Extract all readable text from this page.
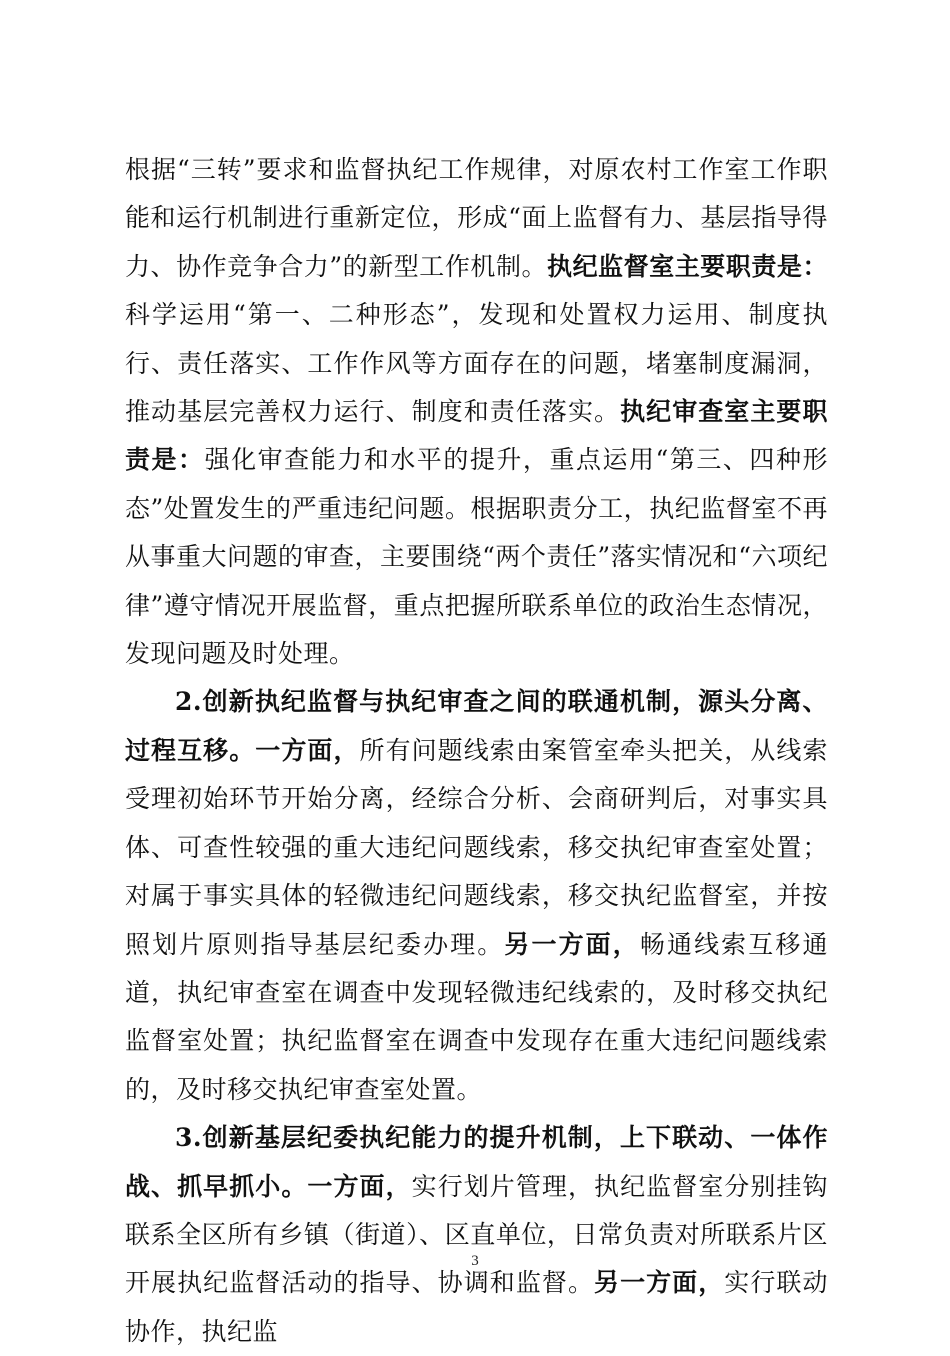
根据“三转”要求和监督执纪工作规律，对原农村工作室工作职能和运行机制进行重新定位，形成“面上监督有力、基层指导得力、协作竞争合力”的新型工作机制。执纪监督室主要职责是：科学运用“第一、二种形态”，发现和处置权力运用、制度执行、责任落实、工作作风等方面存在的问题，堵塞制度漏洞，推动基层完善权力运行、制度和责任落实。执纪审查室主要职责是：强化审查能力和水平的提升，重点运用“第三、四种形态”处置发生的严重违纪问题。根据职责分工，执纪监督室不再从事重大问题的审查，主要围绕“两个责任”落实情况和“六项纪律”遵守情况开展监督，重点把握所联系单位的政治生态情况，发现问题及时处理。

2.创新执纪监督与执纪审查之间的联通机制，源头分离、过程互移。一方面，所有问题线索由案管室牵头把关，从线索受理初始环节开始分离，经综合分析、会商研判后，对事实具体、可查性较强的重大违纪问题线索，移交执纪审查室处置；对属于事实具体的轻微违纪问题线索，移交执纪监督室，并按照划片原则指导基层纪委办理。另一方面，畅通线索互移通道，执纪审查室在调查中发现轻微违纪线索的，及时移交执纪监督室处置；执纪监督室在调查中发现存在重大违纪问题线索的，及时移交执纪审查室处置。

3.创新基层纪委执纪能力的提升机制，上下联动、一体作战、抓早抓小。一方面，实行划片管理，执纪监督室分别挂钩联系全区所有乡镇（街道）、区直单位，日常负责对所联系片区开展执纪监督活动的指导、协调和监督。另一方面，实行联动协作，执纪监

3
